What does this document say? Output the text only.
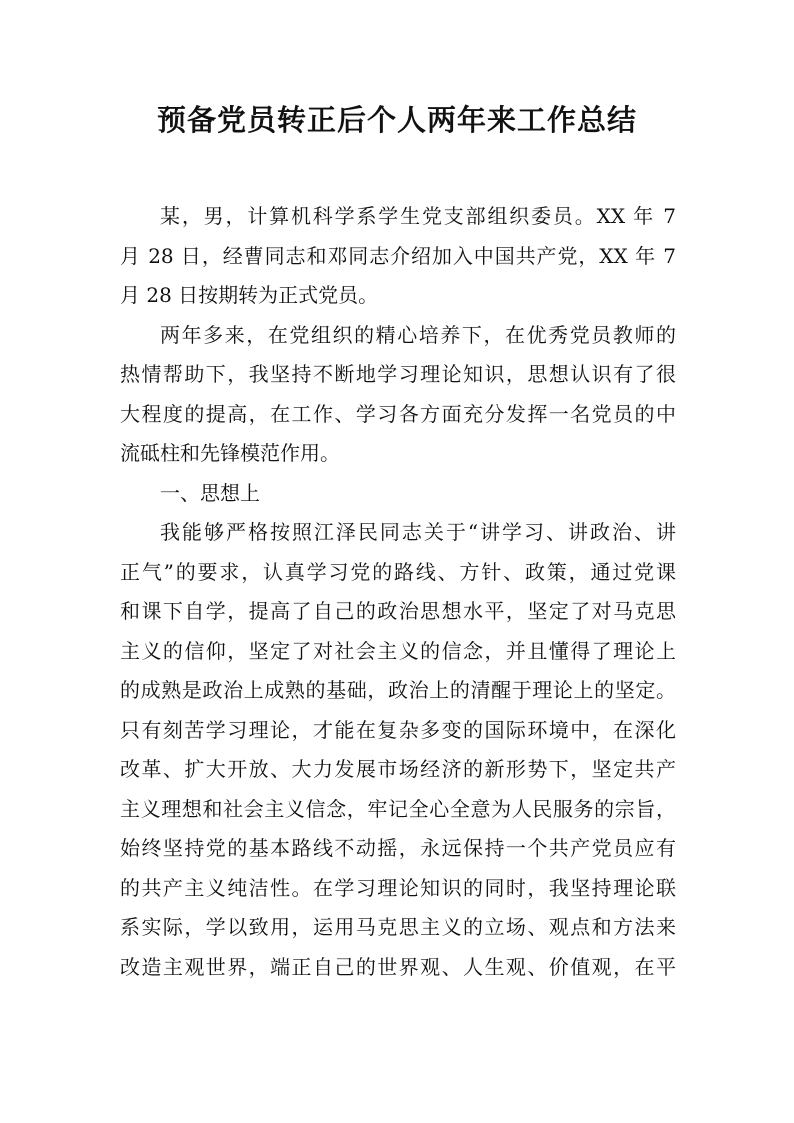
预备党员转正后个人两年来工作总结
某，男，计算机科学系学生党支部组织委员。XX 年 7
月 28 日，经曹同志和邓同志介绍加入中国共产党，XX 年 7
月 28 日按期转为正式党员。
两年多来，在党组织的精心培养下，在优秀党员教师的
热情帮助下，我坚持不断地学习理论知识，思想认识有了很
大程度的提高，在工作、学习各方面充分发挥一名党员的中
流砥柱和先锋模范作用。
一、思想上
我能够严格按照江泽民同志关于“讲学习、讲政治、讲
正气”的要求，认真学习党的路线、方针、政策，通过党课
和课下自学，提高了自己的政治思想水平，坚定了对马克思
主义的信仰，坚定了对社会主义的信念，并且懂得了理论上
的成熟是政治上成熟的基础，政治上的清醒于理论上的坚定。
只有刻苦学习理论，才能在复杂多变的国际环境中，在深化
改革、扩大开放、大力发展市场经济的新形势下，坚定共产
主义理想和社会主义信念，牢记全心全意为人民服务的宗旨，
始终坚持党的基本路线不动摇，永远保持一个共产党员应有
的共产主义纯洁性。在学习理论知识的同时，我坚持理论联
系实际，学以致用，运用马克思主义的立场、观点和方法来
改造主观世界，端正自己的世界观、人生观、价值观，在平
